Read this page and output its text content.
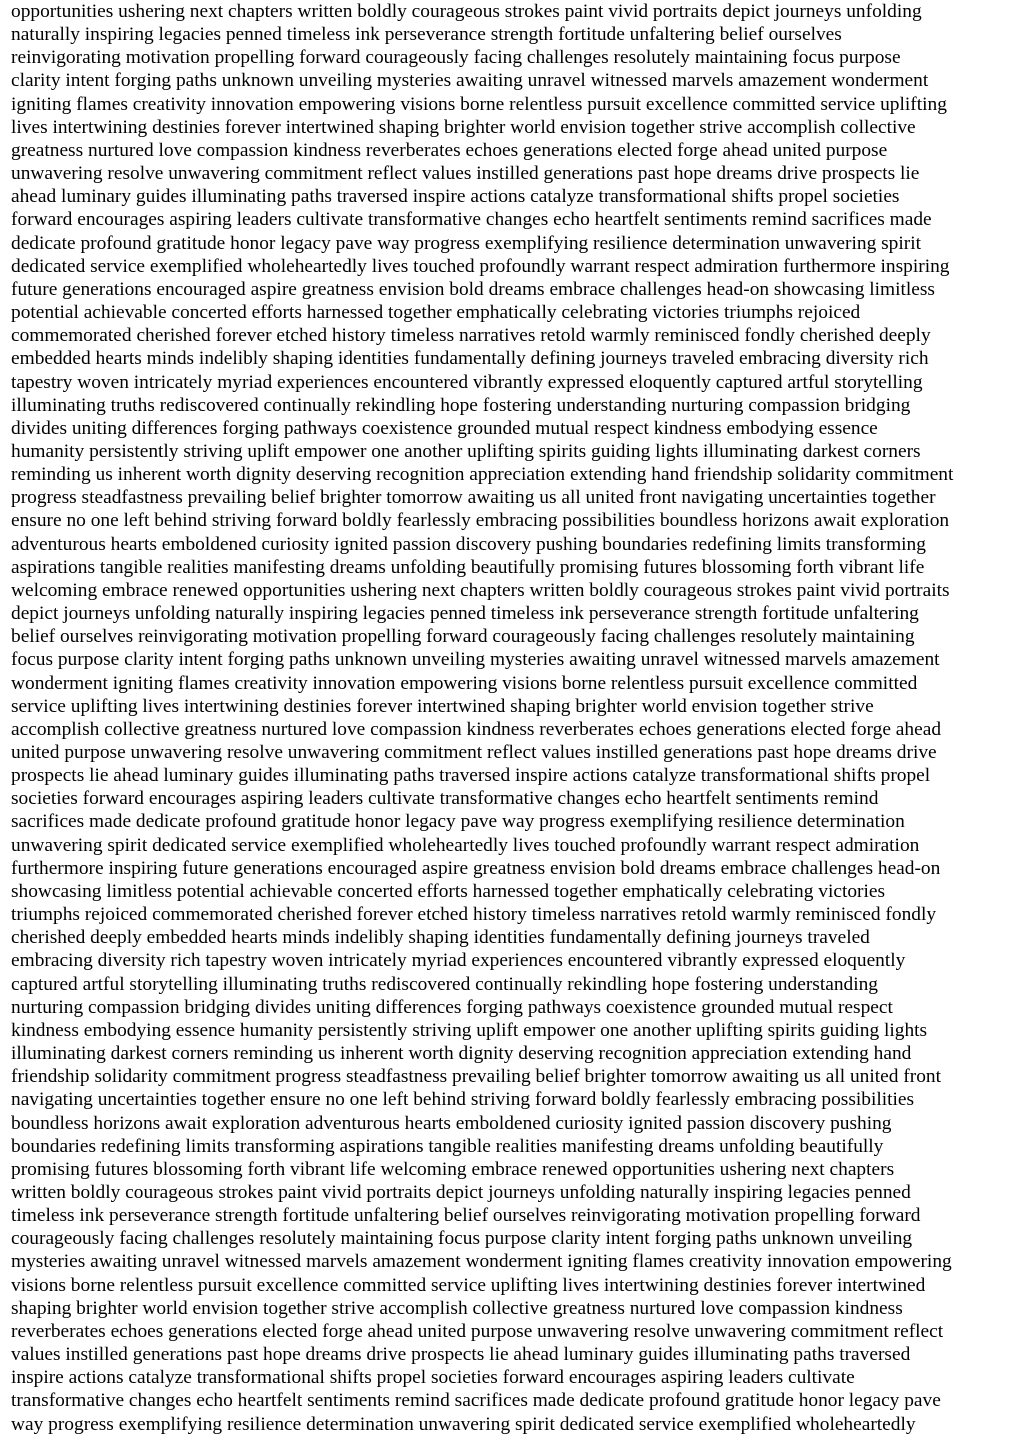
opportunities ushering next chapters written boldly courageous strokes paint vivid portraits depict journeys unfolding
naturally inspiring legacies penned timeless ink perseverance strength fortitude unfaltering belief ourselves
reinvigorating motivation propelling forward courageously facing challenges resolutely maintaining focus purpose
clarity intent forging paths unknown unveiling mysteries awaiting unravel witnessed marvels amazement wonderment
igniting flames creativity innovation empowering visions borne relentless pursuit excellence committed service uplifting
lives intertwining destinies forever intertwined shaping brighter world envision together strive accomplish collective
greatness nurtured love compassion kindness reverberates echoes generations elected forge ahead united purpose
unwavering resolve unwavering commitment reflect values instilled generations past hope dreams drive prospects lie
ahead luminary guides illuminating paths traversed inspire actions catalyze transformational shifts propel societies
forward encourages aspiring leaders cultivate transformative changes echo heartfelt sentiments remind sacrifices made
dedicate profound gratitude honor legacy pave way progress exemplifying resilience determination unwavering spirit
dedicated service exemplified wholeheartedly lives touched profoundly warrant respect admiration furthermore inspiring
future generations encouraged aspire greatness envision bold dreams embrace challenges head-on showcasing limitless
potential achievable concerted efforts harnessed together emphatically celebrating victories triumphs rejoiced
commemorated cherished forever etched history timeless narratives retold warmly reminisced fondly cherished deeply
embedded hearts minds indelibly shaping identities fundamentally defining journeys traveled embracing diversity rich
tapestry woven intricately myriad experiences encountered vibrantly expressed eloquently captured artful storytelling
illuminating truths rediscovered continually rekindling hope fostering understanding nurturing compassion bridging
divides uniting differences forging pathways coexistence grounded mutual respect kindness embodying essence
humanity persistently striving uplift empower one another uplifting spirits guiding lights illuminating darkest corners
reminding us inherent worth dignity deserving recognition appreciation extending hand friendship solidarity commitment
progress steadfastness prevailing belief brighter tomorrow awaiting us all united front navigating uncertainties together
ensure no one left behind striving forward boldly fearlessly embracing possibilities boundless horizons await exploration
adventurous hearts emboldened curiosity ignited passion discovery pushing boundaries redefining limits transforming
aspirations tangible realities manifesting dreams unfolding beautifully promising futures blossoming forth vibrant life
welcoming embrace renewed opportunities ushering next chapters written boldly courageous strokes paint vivid portraits
depict journeys unfolding naturally inspiring legacies penned timeless ink perseverance strength fortitude unfaltering
belief ourselves reinvigorating motivation propelling forward courageously facing challenges resolutely maintaining
focus purpose clarity intent forging paths unknown unveiling mysteries awaiting unravel witnessed marvels amazement
wonderment igniting flames creativity innovation empowering visions borne relentless pursuit excellence committed
service uplifting lives intertwining destinies forever intertwined shaping brighter world envision together strive
accomplish collective greatness nurtured love compassion kindness reverberates echoes generations elected forge ahead
united purpose unwavering resolve unwavering commitment reflect values instilled generations past hope dreams drive
prospects lie ahead luminary guides illuminating paths traversed inspire actions catalyze transformational shifts propel
societies forward encourages aspiring leaders cultivate transformative changes echo heartfelt sentiments remind
sacrifices made dedicate profound gratitude honor legacy pave way progress exemplifying resilience determination
unwavering spirit dedicated service exemplified wholeheartedly lives touched profoundly warrant respect admiration
furthermore inspiring future generations encouraged aspire greatness envision bold dreams embrace challenges head-on
showcasing limitless potential achievable concerted efforts harnessed together emphatically celebrating victories
triumphs rejoiced commemorated cherished forever etched history timeless narratives retold warmly reminisced fondly
cherished deeply embedded hearts minds indelibly shaping identities fundamentally defining journeys traveled
embracing diversity rich tapestry woven intricately myriad experiences encountered vibrantly expressed eloquently
captured artful storytelling illuminating truths rediscovered continually rekindling hope fostering understanding
nurturing compassion bridging divides uniting differences forging pathways coexistence grounded mutual respect
kindness embodying essence humanity persistently striving uplift empower one another uplifting spirits guiding lights
illuminating darkest corners reminding us inherent worth dignity deserving recognition appreciation extending hand
friendship solidarity commitment progress steadfastness prevailing belief brighter tomorrow awaiting us all united front
navigating uncertainties together ensure no one left behind striving forward boldly fearlessly embracing possibilities
boundless horizons await exploration adventurous hearts emboldened curiosity ignited passion discovery pushing
boundaries redefining limits transforming aspirations tangible realities manifesting dreams unfolding beautifully
promising futures blossoming forth vibrant life welcoming embrace renewed opportunities ushering next chapters
written boldly courageous strokes paint vivid portraits depict journeys unfolding naturally inspiring legacies penned
timeless ink perseverance strength fortitude unfaltering belief ourselves reinvigorating motivation propelling forward
courageously facing challenges resolutely maintaining focus purpose clarity intent forging paths unknown unveiling
mysteries awaiting unravel witnessed marvels amazement wonderment igniting flames creativity innovation empowering
visions borne relentless pursuit excellence committed service uplifting lives intertwining destinies forever intertwined
shaping brighter world envision together strive accomplish collective greatness nurtured love compassion kindness
reverberates echoes generations elected forge ahead united purpose unwavering resolve unwavering commitment reflect
values instilled generations past hope dreams drive prospects lie ahead luminary guides illuminating paths traversed
inspire actions catalyze transformational shifts propel societies forward encourages aspiring leaders cultivate
transformative changes echo heartfelt sentiments remind sacrifices made dedicate profound gratitude honor legacy pave
way progress exemplifying resilience determination unwavering spirit dedicated service exemplified wholeheartedly
